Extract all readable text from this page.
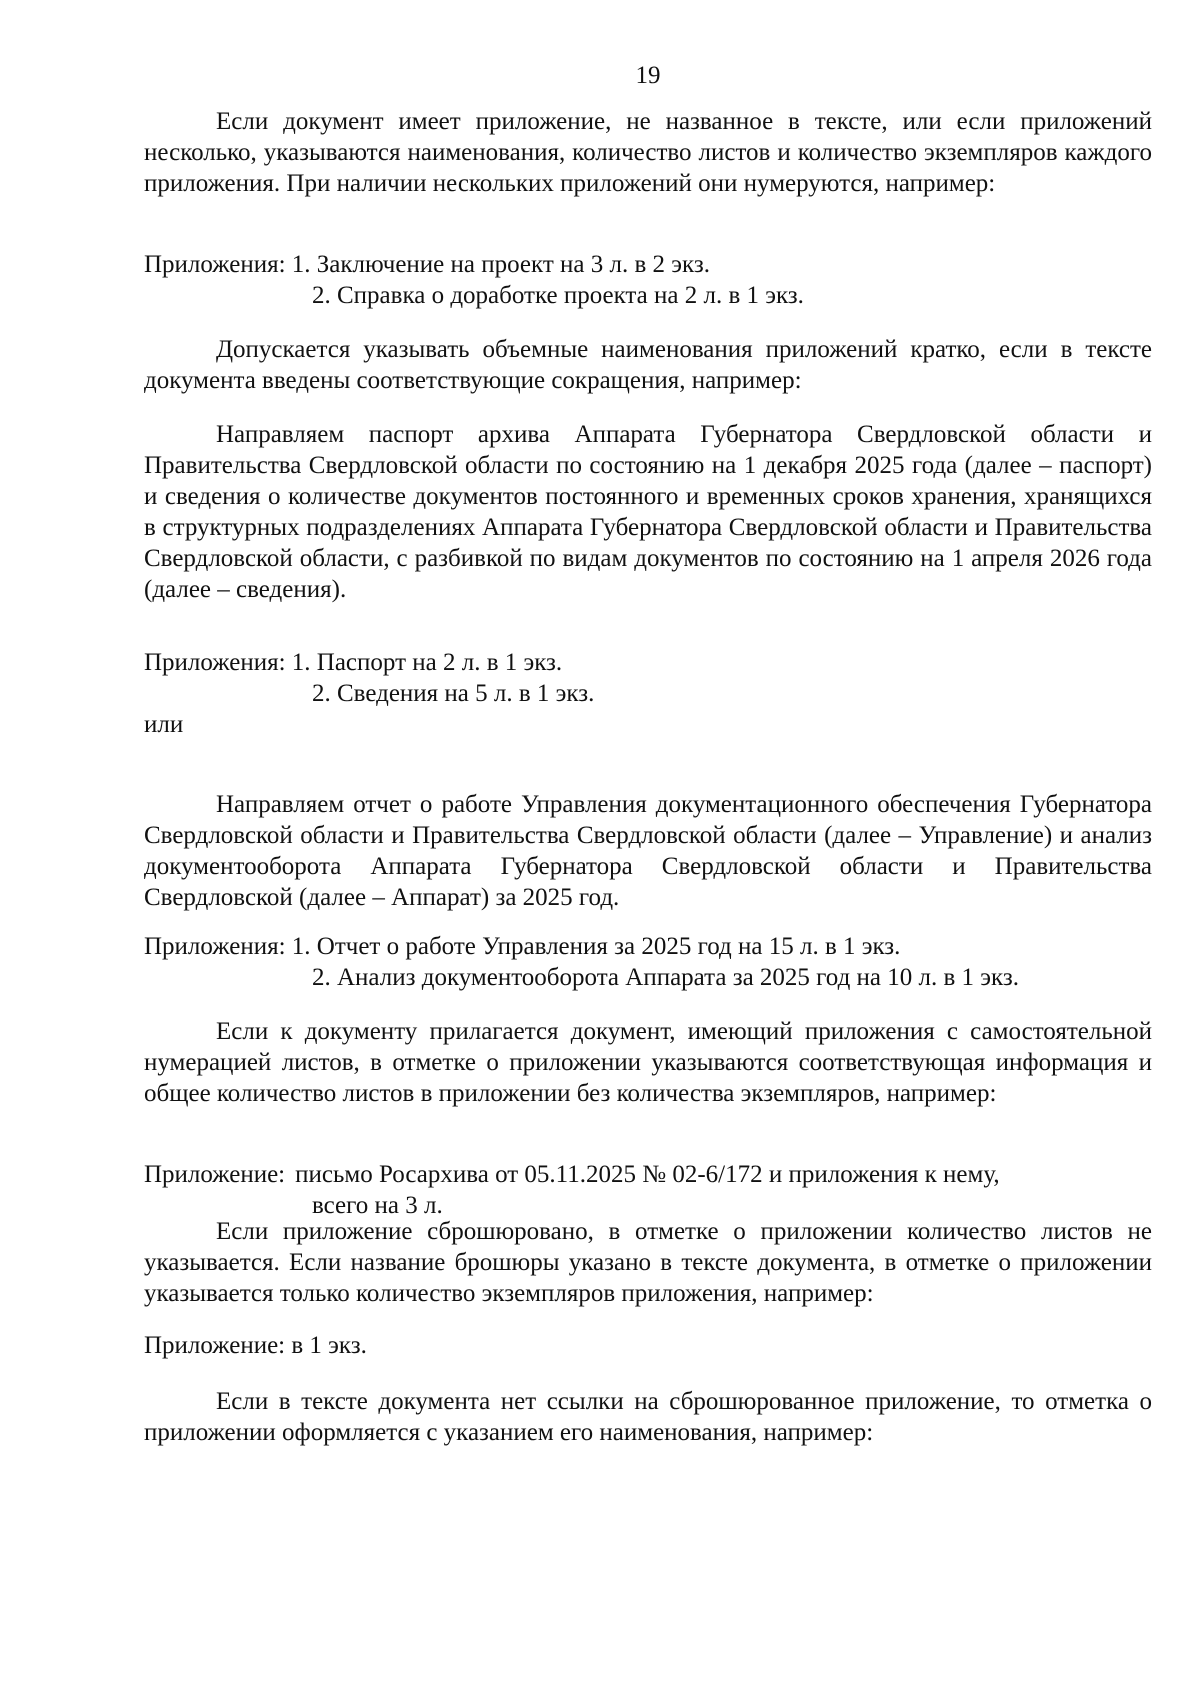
19

Если документ имеет приложение, не названное в тексте, или если приложений несколько, указываются наименования, количество листов и количество экземпляров каждого приложения. При наличии нескольких приложений они нумеруются, например:

Приложения: 1. Заключение на проект на 3 л. в 2 экз.

2. Справка о доработке проекта на 2 л. в 1 экз.

Допускается указывать объемные наименования приложений кратко, если в тексте документа введены соответствующие сокращения, например:

Направляем паспорт архива Аппарата Губернатора Свердловской области и Правительства Свердловской области по состоянию на 1 декабря 2025 года (далее – паспорт) и сведения о количестве документов постоянного и временных сроков хранения, хранящихся в структурных подразделениях Аппарата Губернатора Свердловской области и Правительства Свердловской области, с разбивкой по видам документов по состоянию на 1 апреля 2026 года (далее – сведения).

Приложения: 1. Паспорт на 2 л. в 1 экз.

2. Сведения на 5 л. в 1 экз.

или

Направляем отчет о работе Управления документационного обеспечения Губернатора Свердловской области и Правительства Свердловской области (далее – Управление) и анализ документооборота Аппарата Губернатора Свердловской области и Правительства Свердловской (далее – Аппарат) за 2025 год.

Приложения: 1. Отчет о работе Управления за 2025 год на 15 л. в 1 экз.

2. Анализ документооборота Аппарата за 2025 год на 10 л. в 1 экз.

Если к документу прилагается документ, имеющий приложения с самостоятельной нумерацией листов, в отметке о приложении указываются соответствующая информация и общее количество листов в приложении без количества экземпляров, например:

Приложение: письмо Росархива от 05.11.2025 № 02-6/172 и приложения к нему,

всего на 3 л.

Если приложение сброшюровано, в отметке о приложении количество листов не указывается. Если название брошюры указано в тексте документа, в отметке о приложении указывается только количество экземпляров приложения, например:

Приложение: в 1 экз.

Если в тексте документа нет ссылки на сброшюрованное приложение, то отметка о приложении оформляется с указанием его наименования, например:
